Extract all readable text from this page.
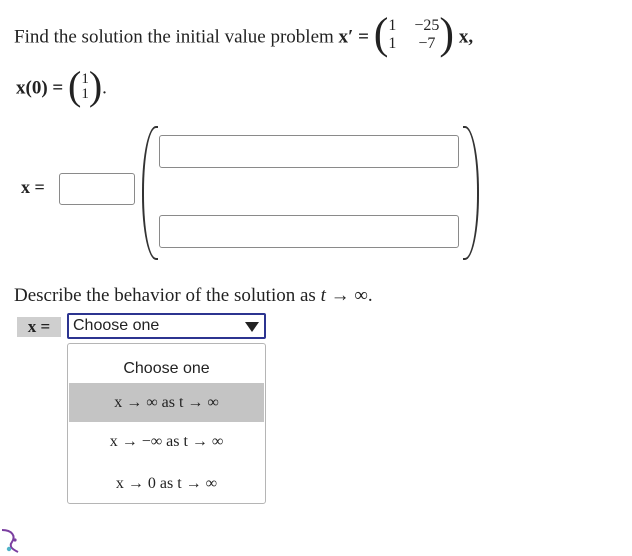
Find the solution the initial value problem x′ = ( 1 −25
1 −7 ) x,
x(0) = ( 1
1 ).
x =
Describe the behavior of the solution as t → ∞.
x =	Choose one
Choose one
x → ∞ as t → ∞
x → −∞ as t → ∞
x → 0 as t → ∞
